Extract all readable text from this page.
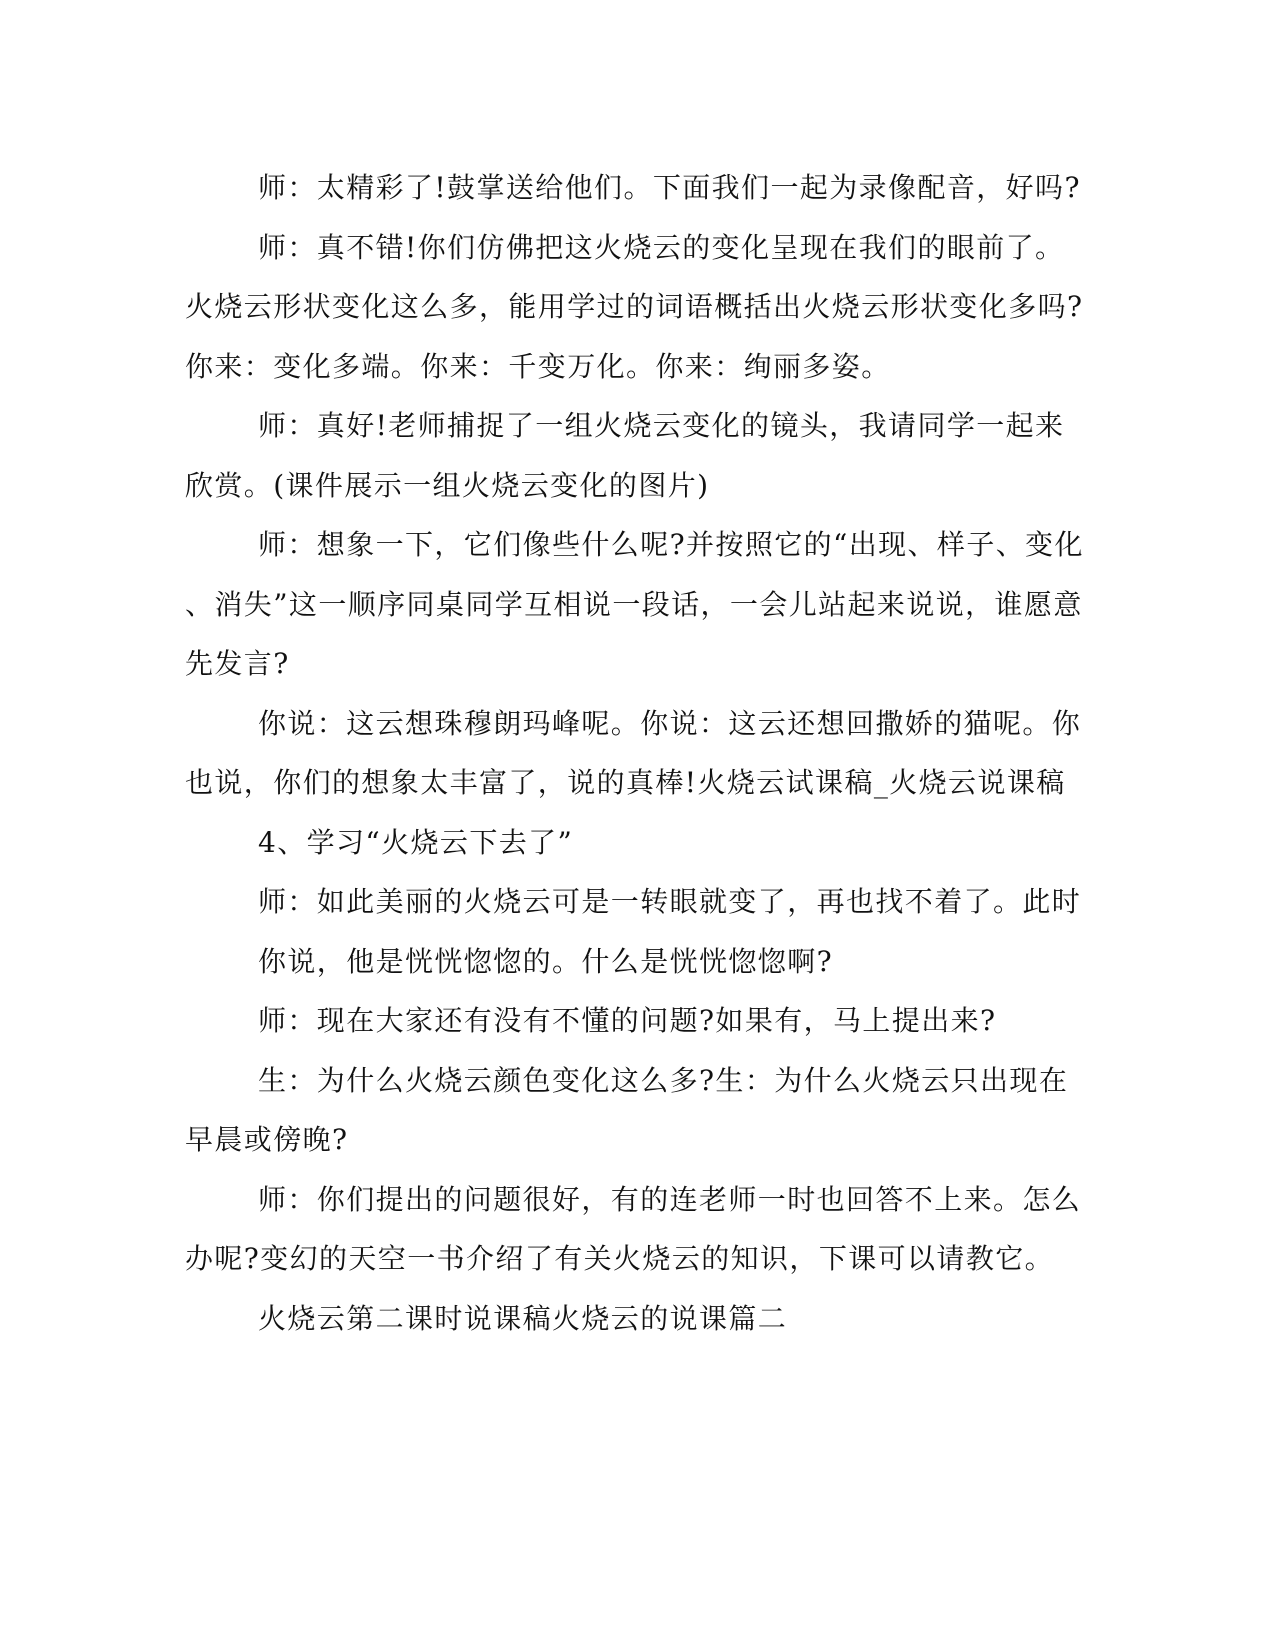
师：太精彩了!鼓掌送给他们。下面我们一起为录像配音，好吗?
师：真不错!你们仿佛把这火烧云的变化呈现在我们的眼前了。
火烧云形状变化这么多，能用学过的词语概括出火烧云形状变化多吗?
你来：变化多端。你来：千变万化。你来：绚丽多姿。
师：真好!老师捕捉了一组火烧云变化的镜头，我请同学一起来
欣赏。(课件展示一组火烧云变化的图片)
师：想象一下，它们像些什么呢?并按照它的“出现、样子、变化
、消失”这一顺序同桌同学互相说一段话，一会儿站起来说说，谁愿意
先发言?
你说：这云想珠穆朗玛峰呢。你说：这云还想回撒娇的猫呢。你
也说，你们的想象太丰富了，说的真棒!火烧云试课稿_火烧云说课稿
4、学习“火烧云下去了”
师：如此美丽的火烧云可是一转眼就变了，再也找不着了。此时
你说，他是恍恍惚惚的。什么是恍恍惚惚啊?
师：现在大家还有没有不懂的问题?如果有，马上提出来?
生：为什么火烧云颜色变化这么多?生：为什么火烧云只出现在
早晨或傍晚?
师：你们提出的问题很好，有的连老师一时也回答不上来。怎么
办呢?变幻的天空一书介绍了有关火烧云的知识，下课可以请教它。
火烧云第二课时说课稿火烧云的说课篇二
